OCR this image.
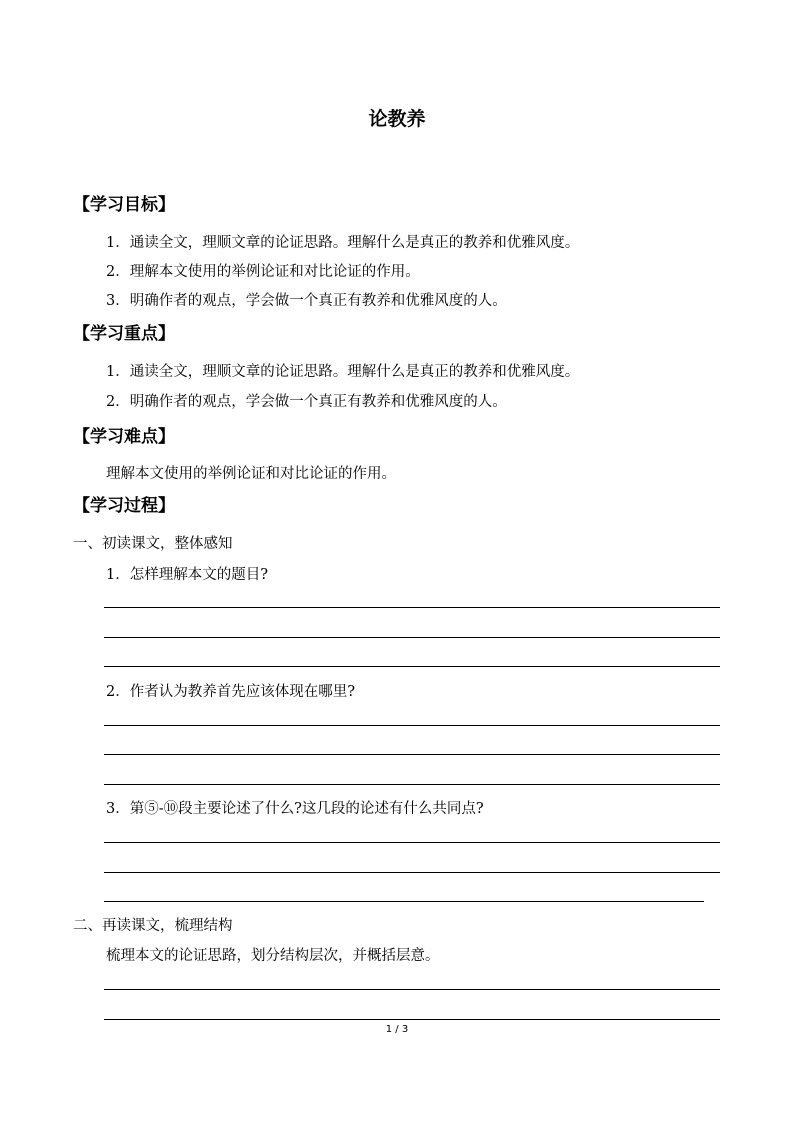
论教养
【学习目标】
1．通读全文，理顺文章的论证思路。理解什么是真正的教养和优雅风度。
2．理解本文使用的举例论证和对比论证的作用。
3．明确作者的观点，学会做一个真正有教养和优雅风度的人。
【学习重点】
1．通读全文，理顺文章的论证思路。理解什么是真正的教养和优雅风度。
2．明确作者的观点，学会做一个真正有教养和优雅风度的人。
【学习难点】
理解本文使用的举例论证和对比论证的作用。
【学习过程】
一、初读课文，整体感知
1．怎样理解本文的题目?
2．作者认为教养首先应该体现在哪里?
3．第⑤-⑩段主要论述了什么?这几段的论述有什么共同点?
二、再读课文，梳理结构
梳理本文的论证思路，划分结构层次，并概括层意。
1 / 3
